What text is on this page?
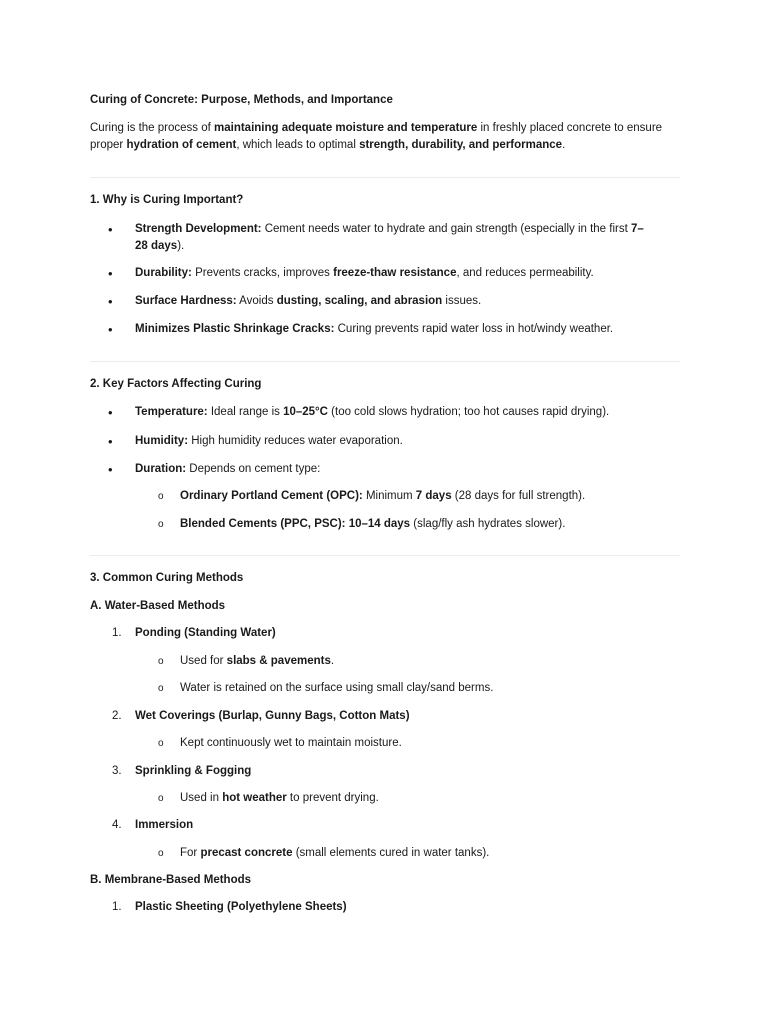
Curing of Concrete: Purpose, Methods, and Importance

Curing is the process of maintaining adequate moisture and temperature in freshly placed concrete to ensure proper hydration of cement, which leads to optimal strength, durability, and performance.

1. Why is Curing Important?

• Strength Development: Cement needs water to hydrate and gain strength (especially in the first 7–28 days).
• Durability: Prevents cracks, improves freeze-thaw resistance, and reduces permeability.
• Surface Hardness: Avoids dusting, scaling, and abrasion issues.
• Minimizes Plastic Shrinkage Cracks: Curing prevents rapid water loss in hot/windy weather.

2. Key Factors Affecting Curing

• Temperature: Ideal range is 10–25°C (too cold slows hydration; too hot causes rapid drying).
• Humidity: High humidity reduces water evaporation.
• Duration: Depends on cement type:
o Ordinary Portland Cement (OPC): Minimum 7 days (28 days for full strength).
o Blended Cements (PPC, PSC): 10–14 days (slag/fly ash hydrates slower).

3. Common Curing Methods

A. Water-Based Methods

1. Ponding (Standing Water)
o Used for slabs & pavements.
o Water is retained on the surface using small clay/sand berms.
2. Wet Coverings (Burlap, Gunny Bags, Cotton Mats)
o Kept continuously wet to maintain moisture.
3. Sprinkling & Fogging
o Used in hot weather to prevent drying.
4. Immersion
o For precast concrete (small elements cured in water tanks).

B. Membrane-Based Methods

1. Plastic Sheeting (Polyethylene Sheets)
